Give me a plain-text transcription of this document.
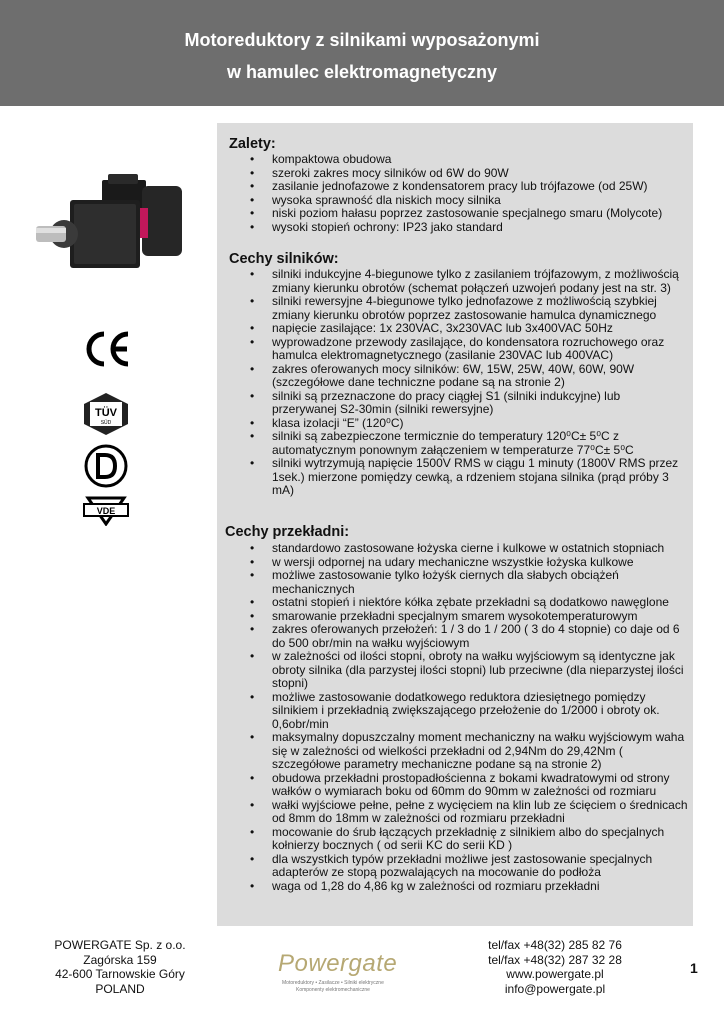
Motoreduktory z silnikami wyposażonymi
w hamulec elektromagnetyczny
TÜV
SÜD
VDE
Zalety:
• kompaktowa obudowa
• szeroki zakres mocy silników od 6W do 90W
• zasilanie jednofazowe z kondensatorem pracy lub trójfazowe (od 25W)
• wysoka sprawność dla niskich mocy silnika
• niski poziom hałasu poprzez zastosowanie specjalnego smaru (Molycote)
• wysoki stopień ochrony: IP23 jako standard
Cechy silników:
• silniki indukcyjne 4-biegunowe tylko z zasilaniem trójfazowym, z możliwością zmiany kierunku obrotów (schemat połączeń uzwojeń podany jest na str. 3)
• silniki rewersyjne 4-biegunowe tylko jednofazowe z możliwością szybkiej zmiany kierunku obrotów poprzez zastosowanie hamulca dynamicznego
• napięcie zasilające: 1x 230VAC, 3x230VAC lub 3x400VAC 50Hz
• wyprowadzone przewody zasilające, do kondensatora rozruchowego oraz hamulca elektromagnetycznego (zasilanie 230VAC lub 400VAC)
• zakres oferowanych mocy silników: 6W, 15W, 25W, 40W, 60W, 90W (szczegółowe dane techniczne podane są na stronie 2)
• silniki są przeznaczone do pracy ciągłej S1 (silniki indukcyjne) lub przerywanej S2-30min (silniki rewersyjne)
• klasa izolacji “E” (120⁰C)
• silniki są zabezpieczone termicznie do temperatury 120⁰C± 5⁰C z automatycznym ponownym załączeniem w temperaturze 77⁰C± 5⁰C
• silniki wytrzymują napięcie 1500V RMS w ciągu 1 minuty (1800V RMS przez 1sek.) mierzone pomiędzy cewką, a rdzeniem stojana silnika (prąd próby 3 mA)
Cechy przekładni:
• standardowo zastosowane łożyska cierne i kulkowe w ostatnich stopniach
• w wersji odpornej na udary mechaniczne wszystkie łożyska kulkowe
• możliwe zastosowanie tylko łożyśk ciernych dla słabych obciążeń mechanicznych
• ostatni stopień i niektóre kółka zębate przekładni są dodatkowo nawęglone
• smarowanie przekładni specjalnym smarem wysokotemperaturowym
• zakres oferowanych przełożeń: 1 / 3 do 1 / 200 ( 3 do 4 stopnie) co daje od 6 do 500 obr/min na wałku wyjściowym
• w zależności od ilości stopni, obroty na wałku wyjściowym są identyczne jak obroty silnika (dla parzystej ilości stopni) lub przeciwne (dla nieparzystej ilości stopni)
• możliwe zastosowanie dodatkowego reduktora dziesiętnego pomiędzy silnikiem i przekładnią zwiększającego przełożenie do 1/2000 i obroty ok. 0,6obr/min
• maksymalny dopuszczalny moment mechaniczny na wałku wyjściowym waha się w zależności od wielkości przekładni od 2,94Nm do 29,42Nm ( szczegółowe parametry mechaniczne podane są na stronie 2)
• obudowa przekładni prostopadłościenna z bokami kwadratowymi od strony wałków o wymiarach boku od 60mm do 90mm w zależności od rozmiaru
• wałki wyjściowe pełne, pełne z wycięciem na klin lub ze ścięciem o średnicach od 8mm do 18mm w zależności od rozmiaru przekładni
• mocowanie do śrub łączących przekładnię z silnikiem albo do specjalnych kołnierzy bocznych ( od serii KC do serii KD )
• dla wszystkich typów przekładni możliwe jest zastosowanie specjalnych adapterów ze stopą pozwalających na mocowanie do podłoża
• waga od 1,28 do 4,86 kg w zależności od rozmiaru przekładni
POWERGATE Sp. z o.o.
Zagórska 159
42-600 Tarnowskie Góry
POLAND
Powergate
Motoreduktory • Zasilacze • Silniki elektryczne
Komponenty elektromechaniczne
tel/fax +48(32) 285 82 76
tel/fax +48(32) 287 32 28
www.powergate.pl
info@powergate.pl
1
